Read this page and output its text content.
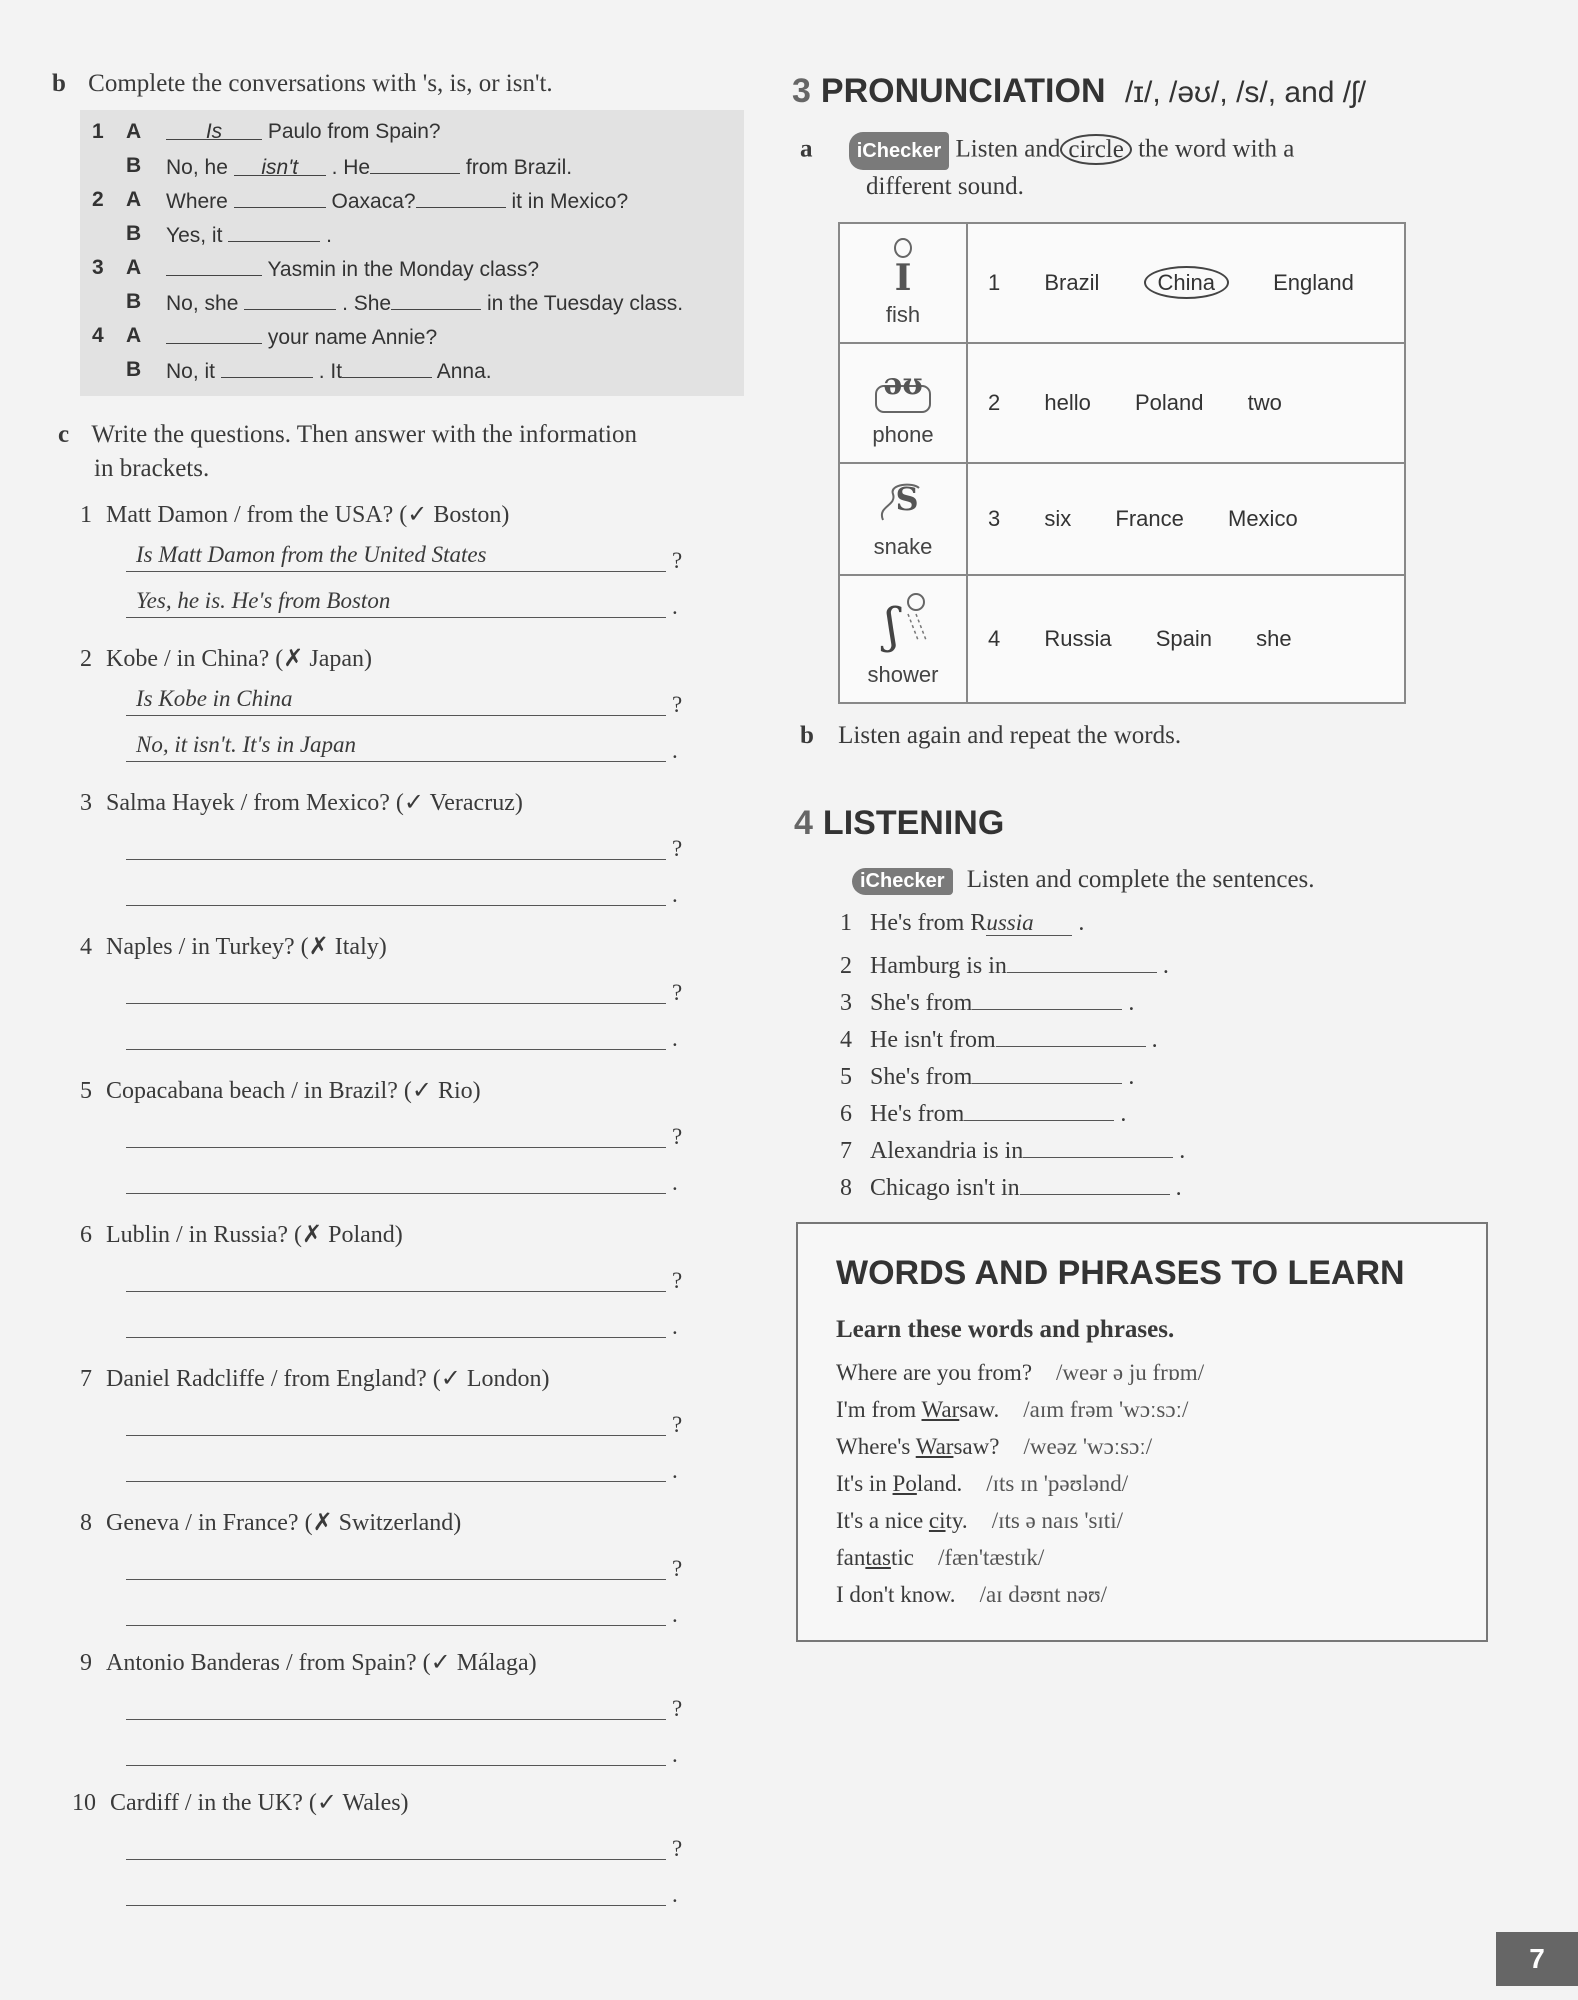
b Complete the conversations with 's, is, or isn't.
1 A	Is Paulo from Spain?
B No, he isn't . He	from Brazil.
2 A Where	Oaxaca?	it in Mexico?
B Yes, it	.
3 A	Yasmin in the Monday class?
B No, she	. She	in the Tuesday class.
4 A	your name Annie?
B No, it	. It	Anna.
c Write the questions. Then answer with the information
in brackets.
1 Matt Damon / from the USA? (✓ Boston)
Is Matt Damon from the United States	?
Yes, he is. He's from Boston	.
2 Kobe / in China? (✗ Japan)
Is Kobe in China	?
No, it isn't. It's in Japan	.
3 Salma Hayek / from Mexico? (✓ Veracruz)
?
.
4 Naples / in Turkey? (✗ Italy)
?
.
5 Copacabana beach / in Brazil? (✓ Rio)
?
.
6 Lublin / in Russia? (✗ Poland)
?
.
7 Daniel Radcliffe / from England? (✓ London)
?
.
8 Geneva / in France? (✗ Switzerland)
?
.
9 Antonio Banderas / from Spain? (✓ Málaga)
?
.
10 Cardiff / in the UK? (✓ Wales)
?
.
3 PRONUNCIATION /ɪ/, /əʊ/, /s/, and /ʃ/
a iChecker Listen and circle the word with a
different sound.
I
fish	1 Brazil China England

əʊ
phone	2 hello Poland two

S
snake	3 six France Mexico

ʃ
shower	4 Russia Spain she
b Listen again and repeat the words.
4 LISTENING
iChecker Listen and complete the sentences.
1 He's from Russia .
2 Hamburg is in	.
3 She's from	.
4 He isn't from	.
5 She's from	.
6 He's from	.
7 Alexandria is in	.
8 Chicago isn't in	.
WORDS AND PHRASES TO LEARN
Learn these words and phrases.
Where are you from? /weər ə ju frɒm/
I'm from Warsaw. /aɪm frəm 'wɔːsɔː/
Where's Warsaw? /weəz 'wɔːsɔː/
It's in Poland. /ɪts ɪn 'pəʊlənd/
It's a nice city. /ɪts ə naɪs 'sɪti/
fantastic /fæn'tæstɪk/
I don't know. /aɪ dəʊnt nəʊ/
7
